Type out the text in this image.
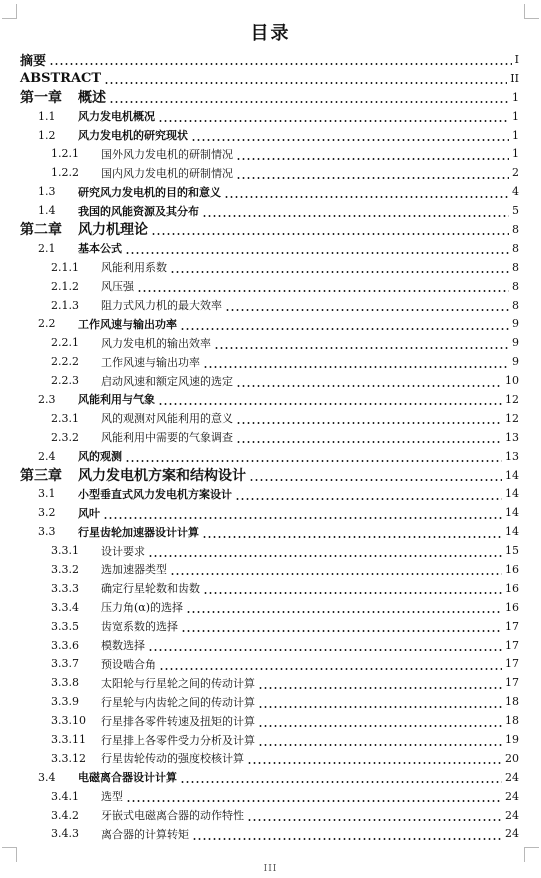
目录
摘要	I
ABSTRACT	II
第一章	概述	1
1.1	风力发电机概况	1
1.2	风力发电机的研究现状	1
1.2.1	国外风力发电机的研制情况	1
1.2.2	国内风力发电机的研制情况	2
1.3	研究风力发电机的目的和意义	4
1.4	我国的风能资源及其分布	5
第二章	风力机理论	8
2.1	基本公式	8
2.1.1	风能利用系数	8
2.1.2	风压强	8
2.1.3	阻力式风力机的最大效率	8
2.2	工作风速与输出功率	9
2.2.1	风力发电机的输出效率	9
2.2.2	工作风速与输出功率	9
2.2.3	启动风速和额定风速的选定	10
2.3	风能利用与气象	12
2.3.1	风的观测对风能利用的意义	12
2.3.2	风能利用中需要的气象调查	13
2.4	风的观测	13
第三章	风力发电机方案和结构设计	14
3.1	小型垂直式风力发电机方案设计	14
3.2	风叶	14
3.3	行星齿轮加速器设计计算	14
3.3.1	设计要求	15
3.3.2	选加速器类型	16
3.3.3	确定行星轮数和齿数	16
3.3.4	压力角(α)的选择	16
3.3.5	齿宽系数的选择	17
3.3.6	模数选择	17
3.3.7	预设啮合角	17
3.3.8	太阳轮与行星轮之间的传动计算	17
3.3.9	行星轮与内齿轮之间的传动计算	18
3.3.10	行星排各零件转速及扭矩的计算	18
3.3.11	行星排上各零件受力分析及计算	19
3.3.12	行星齿轮传动的强度校核计算	20
3.4	电磁离合器设计计算	24
3.4.1	选型	24
3.4.2	牙嵌式电磁离合器的动作特性	24
3.4.3	离合器的计算转矩	24
III
